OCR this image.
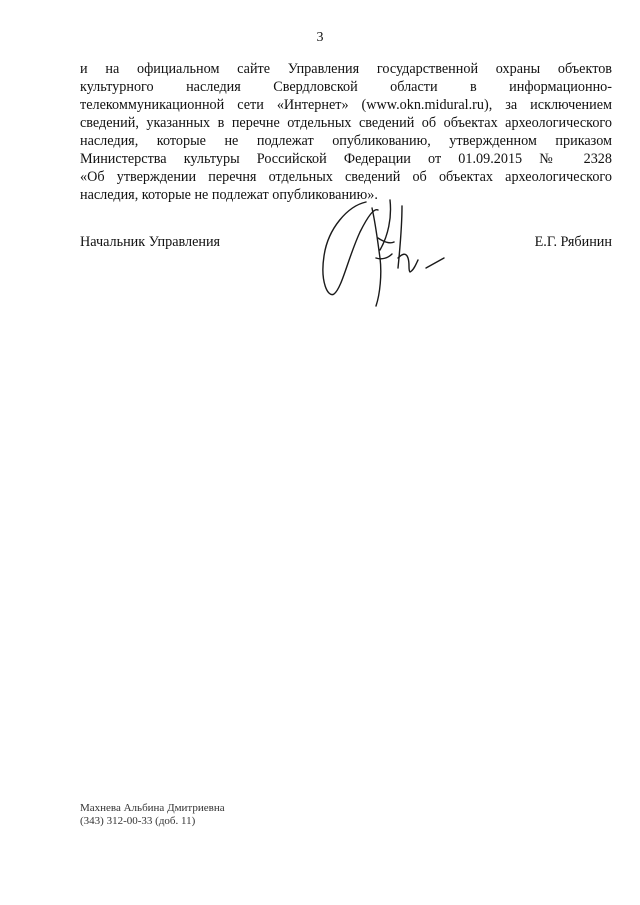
3
и на официальном сайте Управления государственной охраны объектов
культурного наследия Свердловской области в информационно-
телекоммуникационной сети «Интернет» (www.okn.midural.ru), за исключением
сведений, указанных в перечне отдельных сведений об объектах археологического
наследия, которые не подлежат опубликованию, утвержденном приказом
Министерства культуры Российской Федерации от 01.09.2015 № 2328
«Об утверждении перечня отдельных сведений об объектах археологического
наследия, которые не подлежат опубликованию».
Начальник Управления	Е.Г. Рябинин
Махнева Альбина Дмитриевна
(343) 312-00-33 (доб. 11)
